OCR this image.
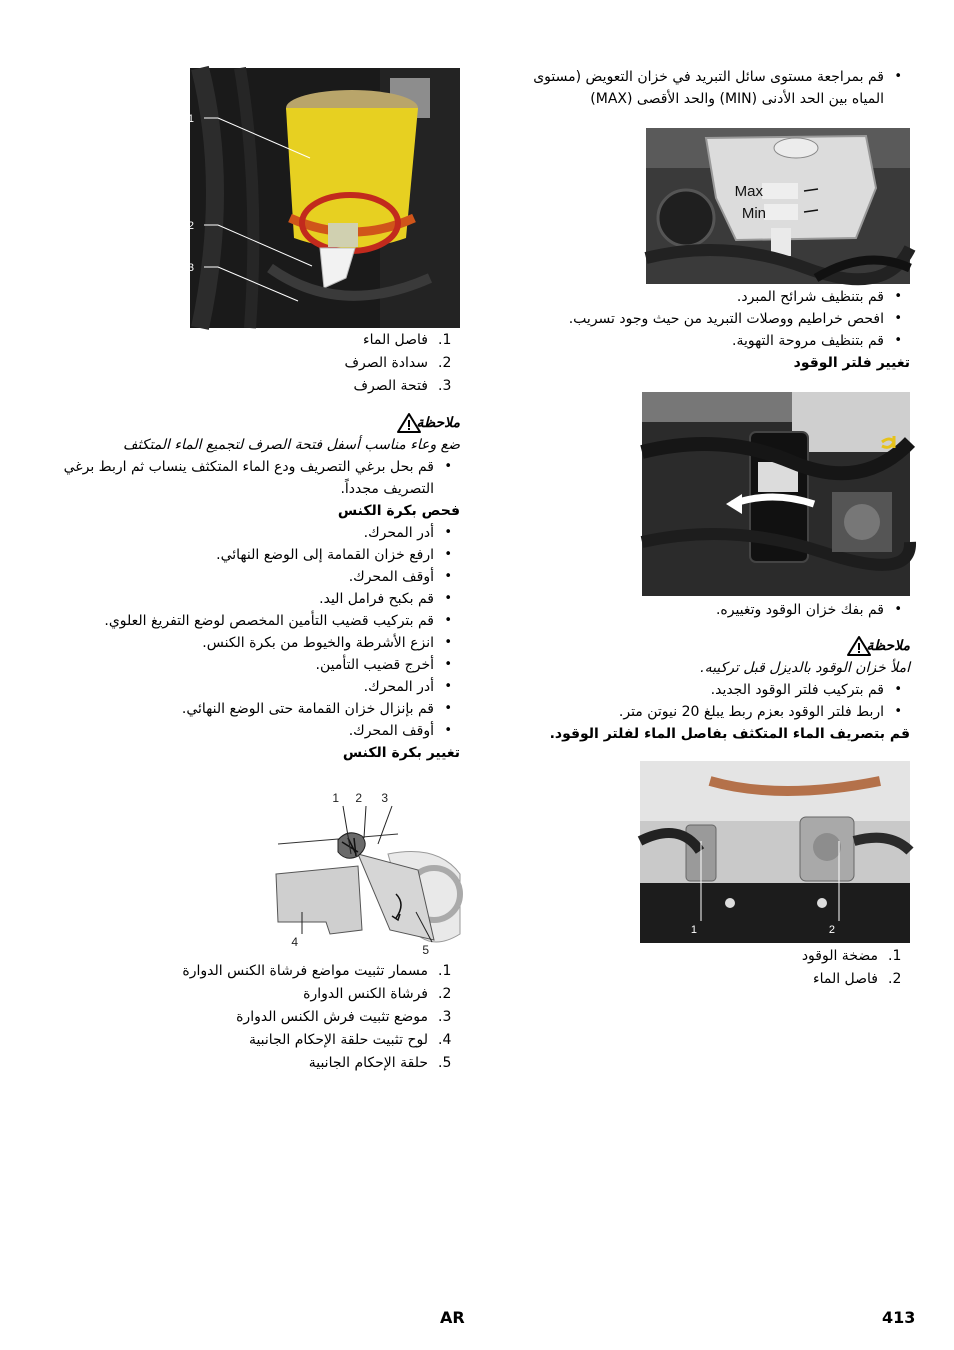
• قم بمراجعة مستوى سائل التبريد في خزان التعويض (مستوى المياه بين الحد الأدنى (MIN) والحد الأقصى (MAX)
Max
Min
• قم بتنظيف شرائح المبرد.
• افحص خراطيم ووصلات التبريد من حيث وجود تسريب.
• قم بتنظيف مروحة التهوية.
تغيير فلتر الوقود
• قم بفك خزان الوقود وتغييره.
ملاحظة
املأ خزان الوقود بالديزل قبل تركيبه.
• قم بتركيب فلتر الوقود الجديد.
• اربط فلتر الوقود بعزم ربط يبلغ 20 نيوتن متر.
قم بتصريف الماء المتكثف بفاصل الماء لفلتر الوقود.
1	2
1.
مضخة الوقود
2.
فاصل الماء
1
2
3
1.
فاصل الماء
2.
سدادة الصرف
3.
فتحة الصرف
ملاحظة
ضع وعاء مناسب أسفل فتحة الصرف لتجميع الماء المتكثف
• قم بحل برغي التصريف ودع الماء المتكثف ينساب ثم اربط برغي التصريف مجدداً.
فحص بكرة الكنس
• أدر المحرك.
• ارفع خزان القمامة إلى الوضع النهائي.
• أوقف المحرك.
• قم بكبح فرامل اليد.
• قم بتركيب قضيب التأمين المخصص لوضع التفريغ العلوي.
• انزع الأشرطة والخيوط من بكرة الكنس.
• أخرج قضيب التأمين.
• أدر المحرك.
• قم بإنزال خزان القمامة حتى الوضع النهائي.
• أوقف المحرك.
تغيير بكرة الكنس
1 2 3
4
5
1.
مسمار تثبيت مواضع فرشاة الكنس الدوارة
2.
فرشاة الكنس الدوارة
3.
موضع تثبيت فرش الكنس الدوارة
4.
لوح تثبيت حلقة الإحكام الجانبية
5.
حلقة الإحكام الجانبية
AR	413
